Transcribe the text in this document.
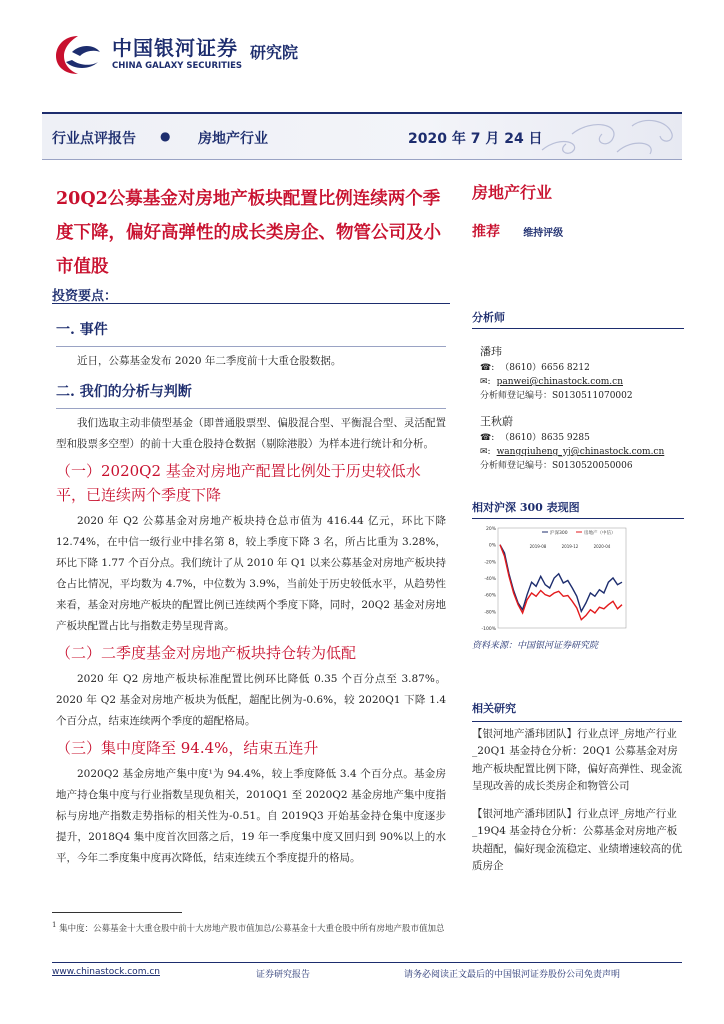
中国银河证券
CHINA GALAXY SECURITIES
研究院
行业点评报告 ● 房地产行业	2020 年 7 月 24 日
20Q2公募基金对房地产板块配置比例连续两个季度下降，偏好高弹性的成长类房企、物管公司及小市值股
投资要点：
一. 事件

近日，公募基金发布 2020 年二季度前十大重仓股数据。

二. 我们的分析与判断

我们选取主动非债型基金（即普通股票型、偏股混合型、平衡混合型、灵活配置型和股票多空型）的前十大重仓股持仓数据（剔除港股）为样本进行统计和分析。

（一）2020Q2 基金对房地产配置比例处于历史较低水平，已连续两个季度下降

2020 年 Q2 公募基金对房地产板块持仓总市值为 416.44 亿元，环比下降 12.74%，在中信一级行业中排名第 8，较上季度下降 3 名，所占比重为 3.28%，环比下降 1.77 个百分点。我们统计了从 2010 年 Q1 以来公募基金对房地产板块持仓占比情况，平均数为 4.7%，中位数为 3.9%，当前处于历史较低水平，从趋势性来看，基金对房地产板块的配置比例已连续两个季度下降，同时，20Q2 基金对房地产板块配置占比与指数走势呈现背离。

（二）二季度基金对房地产板块持仓转为低配

2020 年 Q2 房地产板块标准配置比例环比降低 0.35 个百分点至 3.87%。2020 年 Q2 基金对房地产板块为低配，超配比例为-0.6%，较 2020Q1 下降 1.4 个百分点，结束连续两个季度的超配格局。

（三）集中度降至 94.4%，结束五连升

2020Q2 基金房地产集中度¹为 94.4%，较上季度降低 3.4 个百分点。基金房地产持仓集中度与行业指数呈现负相关，2010Q1 至 2020Q2 基金房地产集中度指标与房地产指数走势指标的相关性为-0.51。自 2019Q3 开始基金持仓集中度逐步提升，2018Q4 集中度首次回落之后，19 年一季度集中度又回归到 90%以上的水平，今年二季度集中度再次降低，结束连续五个季度提升的格局。

房地产行业
推荐 维持评级
分析师
潘玮
☎: （8610）6656 8212
✉: panwei@chinastock.com.cn
分析师登记编号：S0130511070002
王秋蔚
☎: （8610）8635 9285
✉: wangqiuheng_yj@chinastock.com.cn
分析师登记编号：S0130520050006
相对沪深 300 表现图
20%
0%
-20%
-40%
-60%
-80%
-100%
2019-08	2019-12	2020-04
沪深300	房地产（中信）
资料来源：中国银河证券研究院
相关研究
【银河地产潘玮团队】行业点评_房地产行业_20Q1 基金持仓分析：20Q1 公募基金对房地产板块配置比例下降，偏好高弹性、现金流呈现改善的成长类房企和物管公司
【银河地产潘玮团队】行业点评_房地产行业_19Q4 基金持仓分析：公募基金对房地产板块超配，偏好现金流稳定、业绩增速较高的优质房企
$^1$ 集中度：公募基金十大重仓股中前十大房地产股市值加总/公募基金十大重仓股中所有房地产股市值加总
www.chinastock.com.cn	证券研究报告	请务必阅读正文最后的中国银河证券股份公司免责声明
